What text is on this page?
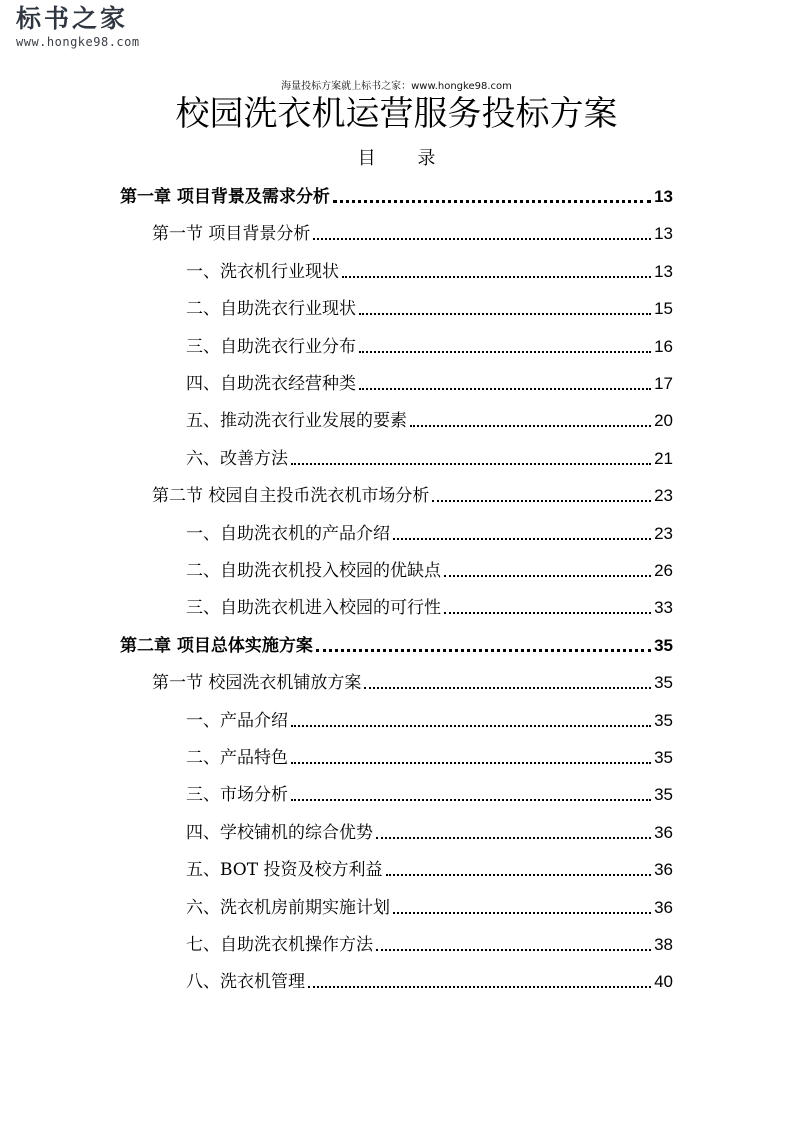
标书之家
www.hongke98.com
海量投标方案就上标书之家：www.hongke98.com
校园洗衣机运营服务投标方案
目 录
第一章 项目背景及需求分析	13
第一节 项目背景分析	13
一、洗衣机行业现状	13
二、自助洗衣行业现状	15
三、自助洗衣行业分布	16
四、自助洗衣经营种类	17
五、推动洗衣行业发展的要素	20
六、改善方法	21
第二节 校园自主投币洗衣机市场分析	23
一、自助洗衣机的产品介绍	23
二、自助洗衣机投入校园的优缺点	26
三、自助洗衣机进入校园的可行性	33
第二章 项目总体实施方案	35
第一节 校园洗衣机铺放方案	35
一、产品介绍	35
二、产品特色	35
三、市场分析	35
四、学校铺机的综合优势	36
五、BOT 投资及校方利益	36
六、洗衣机房前期实施计划	36
七、自助洗衣机操作方法	38
八、洗衣机管理	40
